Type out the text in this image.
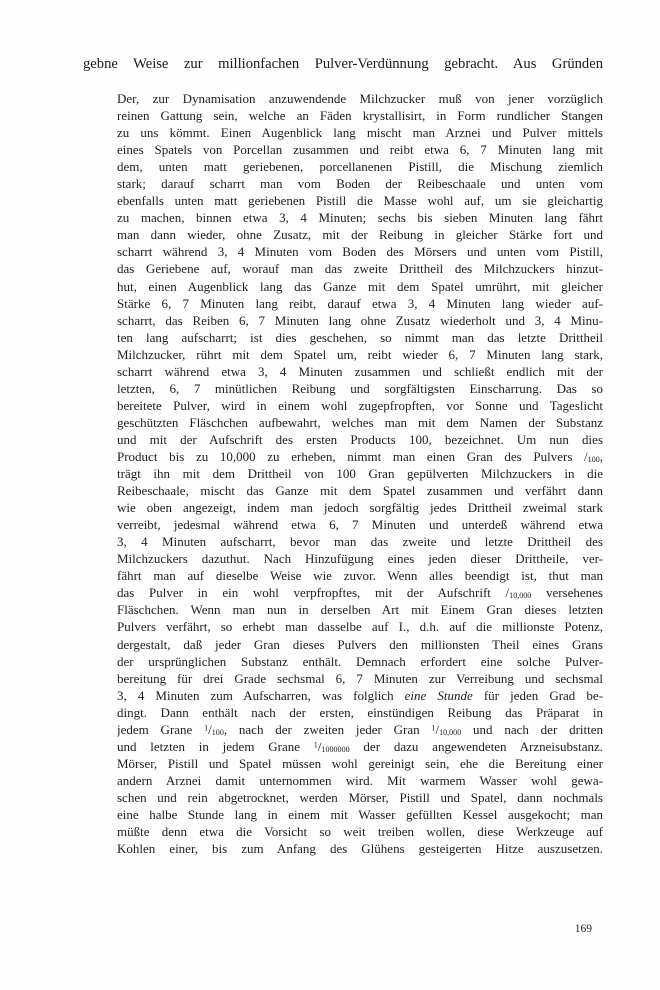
gebne Weise zur millionfachen Pulver-Verdünnung gebracht. Aus Gründen
Der, zur Dynamisation anzuwendende Milchzucker muß von jener vorzüglich
reinen Gattung sein, welche an Fäden krystallisirt, in Form rundlicher Stangen
zu uns kömmt. Einen Augenblick lang mischt man Arznei und Pulver mittels
eines Spatels von Porcellan zusammen und reibt etwa 6, 7 Minuten lang mit
dem, unten matt geriebenen, porcellanenen Pistill, die Mischung ziemlich
stark; darauf scharrt man vom Boden der Reibeschaale und unten vom
ebenfalls unten matt geriebenen Pistill die Masse wohl auf, um sie gleichartig
zu machen, binnen etwa 3, 4 Minuten; sechs bis sieben Minuten lang fährt
man dann wieder, ohne Zusatz, mit der Reibung in gleicher Stärke fort und
scharrt während 3, 4 Minuten vom Boden des Mörsers und unten vom Pistill,
das Geriebene auf, worauf man das zweite Drittheil des Milchzuckers hinzut-
hut, einen Augenblick lang das Ganze mit dem Spatel umrührt, mit gleicher
Stärke 6, 7 Minuten lang reibt, darauf etwa 3, 4 Minuten lang wieder auf-
scharrt, das Reiben 6, 7 Minuten lang ohne Zusatz wiederholt und 3, 4 Minu-
ten lang aufscharrt; ist dies geschehen, so nimmt man das letzte Drittheil
Milchzucker, rührt mit dem Spatel um, reibt wieder 6, 7 Minuten lang stark,
scharrt während etwa 3, 4 Minuten zusammen und schließt endlich mit der
letzten, 6, 7 minütlichen Reibung und sorgfältigsten Einscharrung. Das so
bereitete Pulver, wird in einem wohl zugepfropften, vor Sonne und Tageslicht
geschützten Fläschchen aufbewahrt, welches man mit dem Namen der Substanz
und mit der Aufschrift des ersten Products 100, bezeichnet. Um nun dies
Product bis zu 10,000 zu erheben, nimmt man einen Gran des Pulvers $/_{100}$,
trägt ihn mit dem Drittheil von 100 Gran gepülverten Milchzuckers in die
Reibeschaale, mischt das Ganze mit dem Spatel zusammen und verfährt dann
wie oben angezeigt, indem man jedoch sorgfältig jedes Drittheil zweimal stark
verreibt, jedesmal während etwa 6, 7 Minuten und unterdeß während etwa
3, 4 Minuten aufscharrt, bevor man das zweite und letzte Drittheil des
Milchzuckers dazuthut. Nach Hinzufügung eines jeden dieser Drittheile, ver-
fährt man auf dieselbe Weise wie zuvor. Wenn alles beendigt ist, thut man
das Pulver in ein wohl verpfropftes, mit der Aufschrift $/_{10,000}$ versehenes
Fläschchen. Wenn man nun in derselben Art mit Einem Gran dieses letzten
Pulvers verfährt, so erhebt man dasselbe auf I., d.h. auf die millionste Potenz,
dergestalt, daß jeder Gran dieses Pulvers den millionsten Theil eines Grans
der ursprünglichen Substanz enthält. Demnach erfordert eine solche Pulver-
bereitung für drei Grade sechsmal 6, 7 Minuten zur Verreibung und sechsmal
3, 4 Minuten zum Aufscharren, was folglich eine Stunde für jeden Grad be-
dingt. Dann enthält nach der ersten, einstündigen Reibung das Präparat in
jedem Grane $^1/_{100}$, nach der zweiten jeder Gran $^1/_{10,000}$ und nach der dritten
und letzten in jedem Grane $^1/_{1000000}$ der dazu angewendeten Arzneisubstanz.
Mörser, Pistill und Spatel müssen wohl gereinigt sein, ehe die Bereitung einer
andern Arznei damit unternommen wird. Mit warmem Wasser wohl gewa-
schen und rein abgetrocknet, werden Mörser, Pistill und Spatel, dann nochmals
eine halbe Stunde lang in einem mit Wasser gefüllten Kessel ausgekocht; man
müßte denn etwa die Vorsicht so weit treiben wollen, diese Werkzeuge auf
Kohlen einer, bis zum Anfang des Glühens gesteigerten Hitze auszusetzen.
169
